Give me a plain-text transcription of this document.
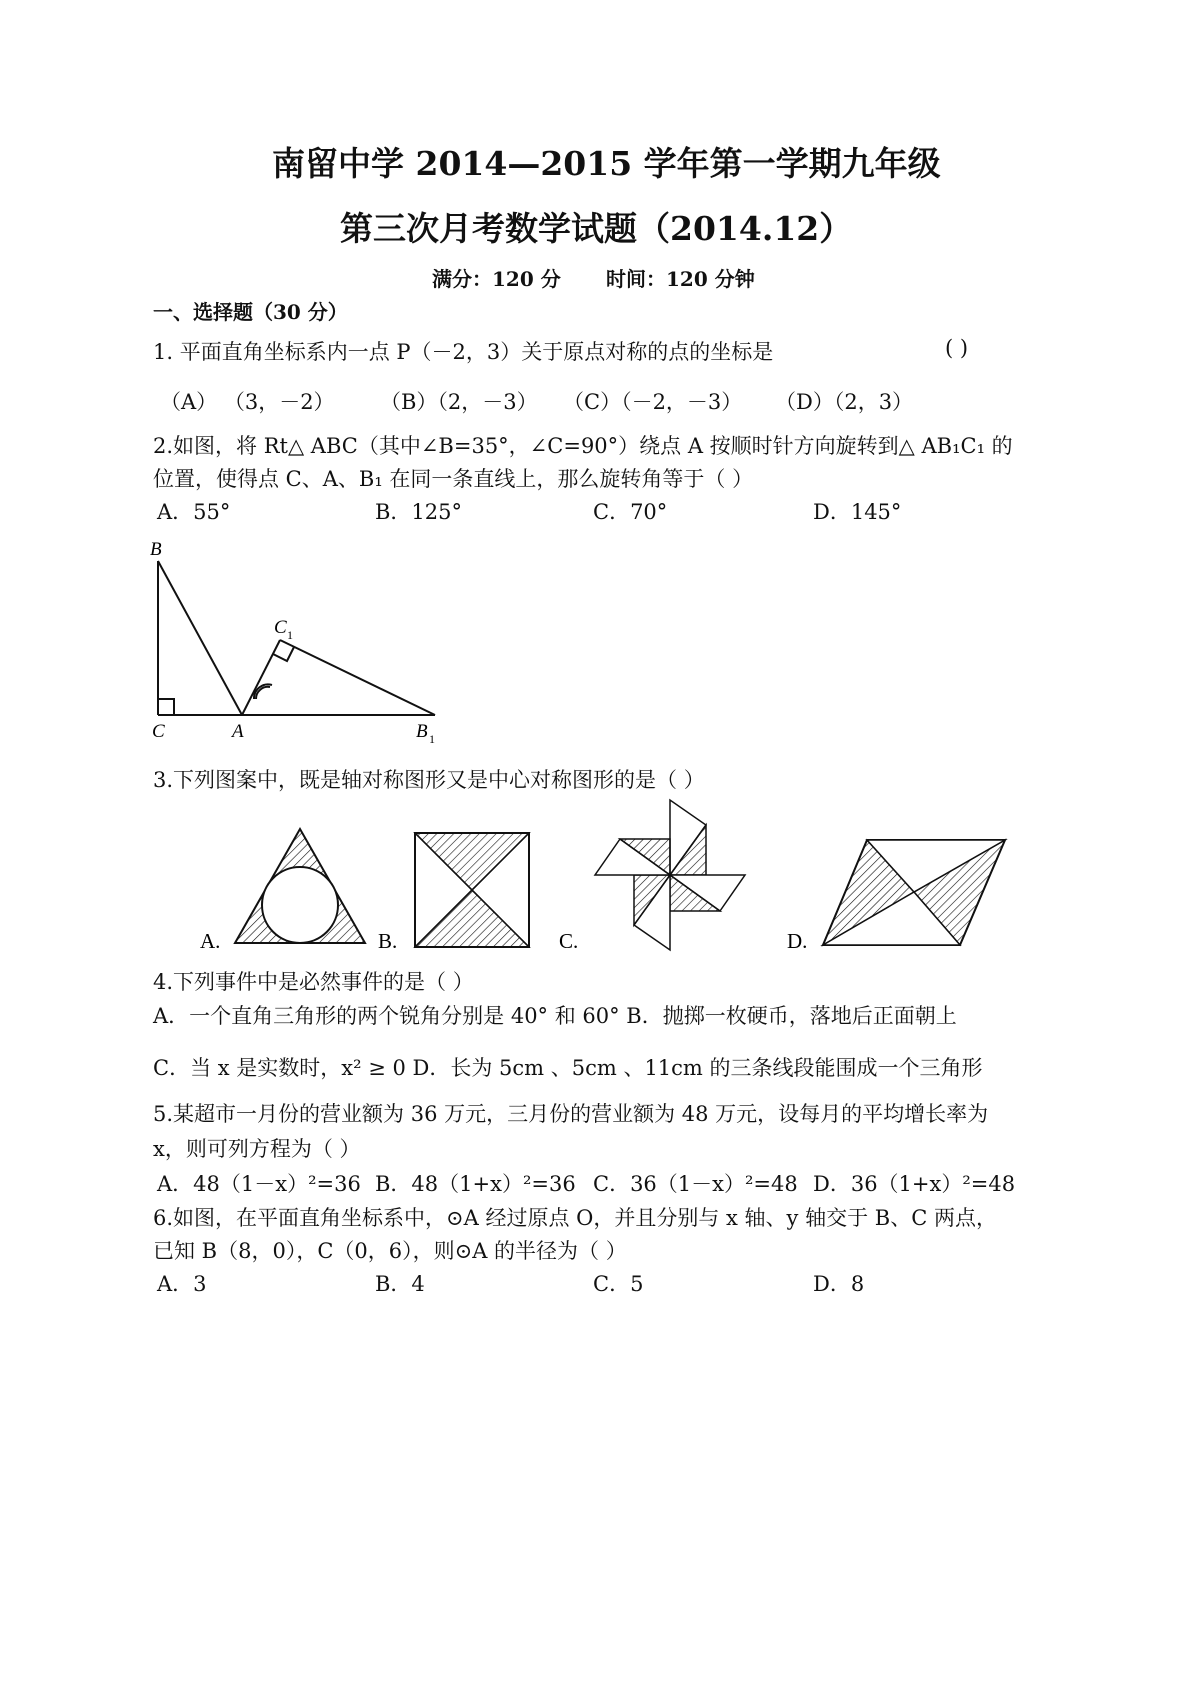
南留中学 2014—2015 学年第一学期九年级
第三次月考数学试题（2014.12）
满分：120 分 时间：120 分钟
一、选择题（30 分）
1. 平面直角坐标系内一点 P（－2，3）关于原点对称的点的坐标是	( )
（A） （3，－2） （B）（2，－3） （C）（－2，－3） （D）（2，3）
2.如图，将 Rt△ ABC（其中∠B=35°，∠C=90°）绕点 A 按顺时针方向旋转到△ AB₁C₁ 的
位置，使得点 C、A、B₁ 在同一条直线上，那么旋转角等于（ ）
A．55°	B．125°	C．70°	D．145°
B
C	A	B 1
C 1
3.下列图案中，既是轴对称图形又是中心对称图形的是（ ）
A.	B.	C.	D.
4.下列事件中是必然事件的是（ ）
A．一个直角三角形的两个锐角分别是 40° 和 60° B．抛掷一枚硬币，落地后正面朝上
C．当 x 是实数时，x² ≥ 0 D．长为 5cm 、5cm 、11cm 的三条线段能围成一个三角形
5.某超市一月份的营业额为 36 万元，三月份的营业额为 48 万元，设每月的平均增长率为
x，则可列方程为（ ）
A．48（1－x）²=36 B．48（1+x）²=36 C．36（1－x）²=48 D．36（1+x）²=48
6.如图，在平面直角坐标系中，⊙A 经过原点 O，并且分别与 x 轴、y 轴交于 B、C 两点，
已知 B（8，0），C（0，6），则⊙A 的半径为（ ）
A．3	B．4	C．5	D．8
